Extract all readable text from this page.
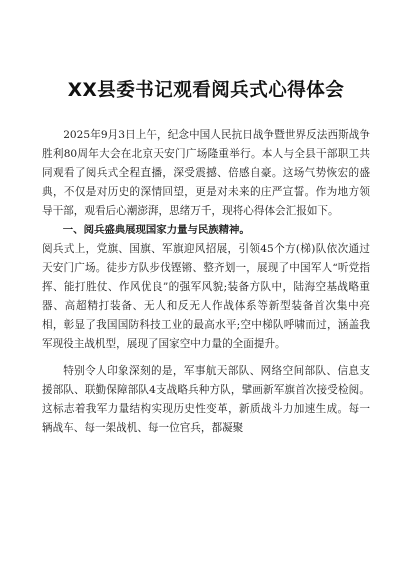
XX县委书记观看阅兵式心得体会

2025年9月3日上午，纪念中国人民抗日战争暨世界反法西斯战争胜利80周年大会在北京天安门广场隆重举行。本人与全县干部职工共同观看了阅兵式全程直播，深受震撼、倍感自豪。这场气势恢宏的盛典，不仅是对历史的深情回望，更是对未来的庄严宣誓。作为地方领导干部，观看后心潮澎湃，思绪万千，现将心得体会汇报如下。

一、阅兵盛典展现国家力量与民族精神。

阅兵式上，党旗、国旗、军旗迎风招展，引领45个方(梯)队依次通过天安门广场。徒步方队步伐铿锵、整齐划一，展现了中国军人“听党指挥、能打胜仗、作风优良”的强军风貌;装备方队中，陆海空基战略重器、高超精打装备、无人和反无人作战体系等新型装备首次集中亮相，彰显了我国国防科技工业的最高水平;空中梯队呼啸而过，涵盖我军现役主战机型，展现了国家空中力量的全面提升。

特别令人印象深刻的是，军事航天部队、网络空间部队、信息支援部队、联勤保障部队4支战略兵种方队，擘画新军旗首次接受检阅。这标志着我军力量结构实现历史性变革，新质战斗力加速生成。每一辆战车、每一架战机、每一位官兵，都凝聚
